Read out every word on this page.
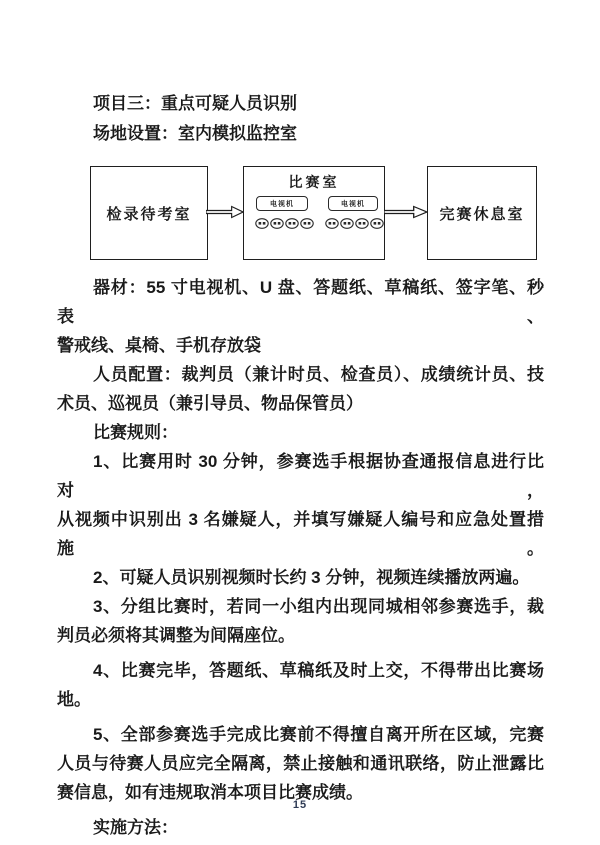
项目三：重点可疑人员识别
场地设置：室内模拟监控室
检录待考室
比赛室
电视机	电视机
完赛休息室
器材：55 寸电视机、U 盘、答题纸、草稿纸、签字笔、秒表、
警戒线、桌椅、手机存放袋
人员配置：裁判员（兼计时员、检查员）、成绩统计员、技
术员、巡视员（兼引导员、物品保管员）
比赛规则：
1、比赛用时 30 分钟，参赛选手根据协查通报信息进行比对，
从视频中识别出 3 名嫌疑人，并填写嫌疑人编号和应急处置措施。
2、可疑人员识别视频时长约 3 分钟，视频连续播放两遍。
3、分组比赛时，若同一小组内出现同城相邻参赛选手，裁
判员必须将其调整为间隔座位。
4、比赛完毕，答题纸、草稿纸及时上交，不得带出比赛场
地。
5、全部参赛选手完成比赛前不得擅自离开所在区域，完赛
人员与待赛人员应完全隔离，禁止接触和通讯联络，防止泄露比
赛信息，如有违规取消本项目比赛成绩。
实施方法：
15
